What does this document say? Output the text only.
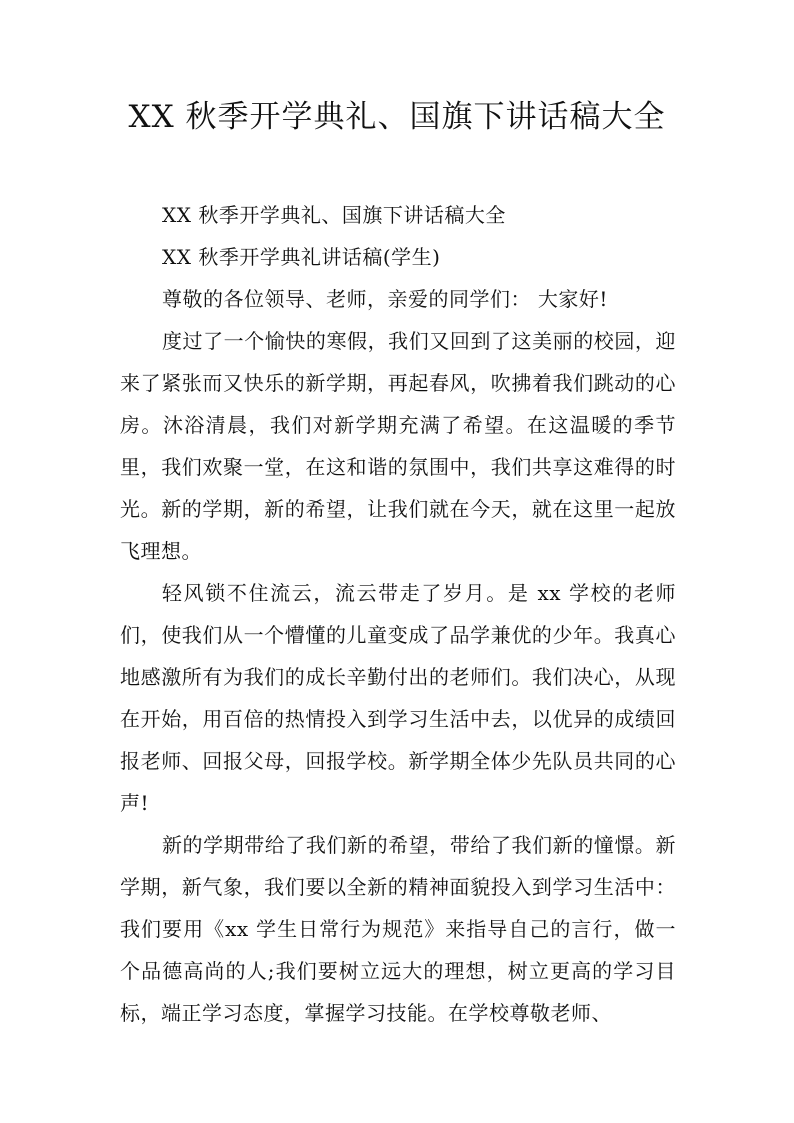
XX 秋季开学典礼、国旗下讲话稿大全

XX 秋季开学典礼、国旗下讲话稿大全

XX 秋季开学典礼讲话稿(学生)

尊敬的各位领导、老师，亲爱的同学们： 大家好!

度过了一个愉快的寒假，我们又回到了这美丽的校园，迎来了紧张而又快乐的新学期，再起春风，吹拂着我们跳动的心房。沐浴清晨，我们对新学期充满了希望。在这温暖的季节里，我们欢聚一堂，在这和谐的氛围中，我们共享这难得的时光。新的学期，新的希望，让我们就在今天，就在这里一起放飞理想。

轻风锁不住流云，流云带走了岁月。是 xx 学校的老师们，使我们从一个懵懂的儿童变成了品学兼优的少年。我真心地感激所有为我们的成长辛勤付出的老师们。我们决心，从现在开始，用百倍的热情投入到学习生活中去，以优异的成绩回报老师、回报父母，回报学校。新学期全体少先队员共同的心声!

新的学期带给了我们新的希望，带给了我们新的憧憬。新学期，新气象，我们要以全新的精神面貌投入到学习生活中：我们要用《xx 学生日常行为规范》来指导自己的言行，做一个品德高尚的人;我们要树立远大的理想，树立更高的学习目标，端正学习态度，掌握学习技能。在学校尊敬老师、
